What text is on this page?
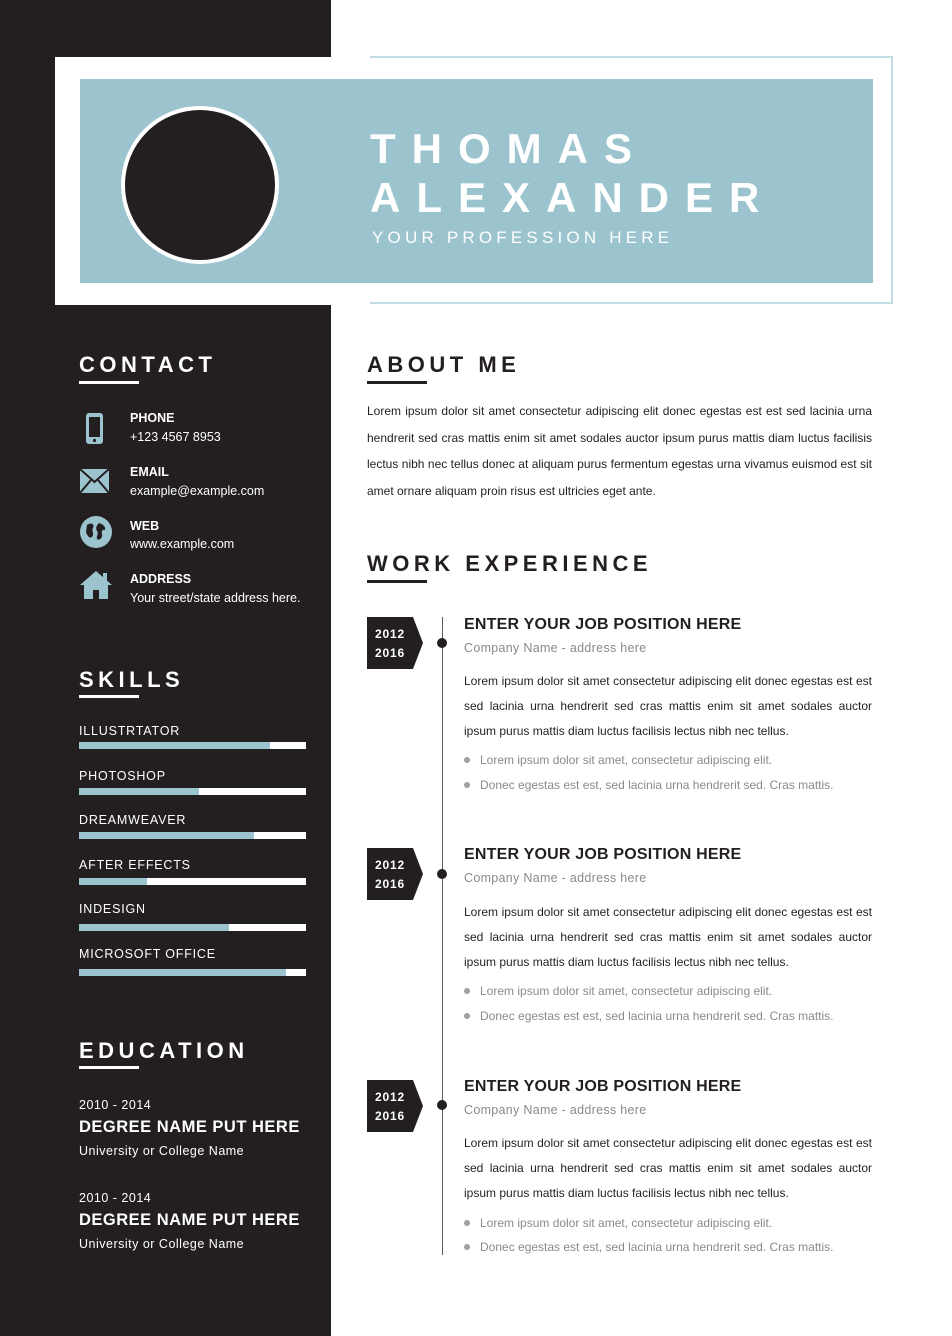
THOMAS
ALEXANDER
YOUR PROFESSION HERE
CONTACT
PHONE
+123 4567 8953
EMAIL
example@example.com
WEB
www.example.com
ADDRESS
Your street/state address here.
SKILLS
ILLUSTRTATOR
PHOTOSHOP
DREAMWEAVER
AFTER EFFECTS
INDESIGN
MICROSOFT OFFICE
EDUCATION
2010 - 2014
DEGREE NAME PUT HERE
University or College Name
2010 - 2014
DEGREE NAME PUT HERE
University or College Name
ABOUT ME
Lorem ipsum dolor sit amet consectetur adipiscing elit donec egestas est est sed lacinia urna hendrerit sed cras mattis enim sit amet sodales auctor ipsum purus mattis diam luctus facilisis lectus nibh nec tellus donec at aliquam purus fermentum egestas urna vivamus euismod est sit amet ornare aliquam proin risus est ultricies eget ante.
WORK EXPERIENCE
2012
2016
ENTER YOUR JOB POSITION HERE
Company Name - address here
Lorem ipsum dolor sit amet consectetur adipiscing elit donec egestas est est sed lacinia urna hendrerit sed cras mattis enim sit amet sodales auctor ipsum purus mattis diam luctus facilisis lectus nibh nec tellus.
Lorem ipsum dolor sit amet, consectetur adipiscing elit.
Donec egestas est est, sed lacinia urna hendrerit sed. Cras mattis.
2012
2016
ENTER YOUR JOB POSITION HERE
Company Name - address here
Lorem ipsum dolor sit amet consectetur adipiscing elit donec egestas est est sed lacinia urna hendrerit sed cras mattis enim sit amet sodales auctor ipsum purus mattis diam luctus facilisis lectus nibh nec tellus.
Lorem ipsum dolor sit amet, consectetur adipiscing elit.
Donec egestas est est, sed lacinia urna hendrerit sed. Cras mattis.
2012
2016
ENTER YOUR JOB POSITION HERE
Company Name - address here
Lorem ipsum dolor sit amet consectetur adipiscing elit donec egestas est est sed lacinia urna hendrerit sed cras mattis enim sit amet sodales auctor ipsum purus mattis diam luctus facilisis lectus nibh nec tellus.
Lorem ipsum dolor sit amet, consectetur adipiscing elit.
Donec egestas est est, sed lacinia urna hendrerit sed. Cras mattis.
